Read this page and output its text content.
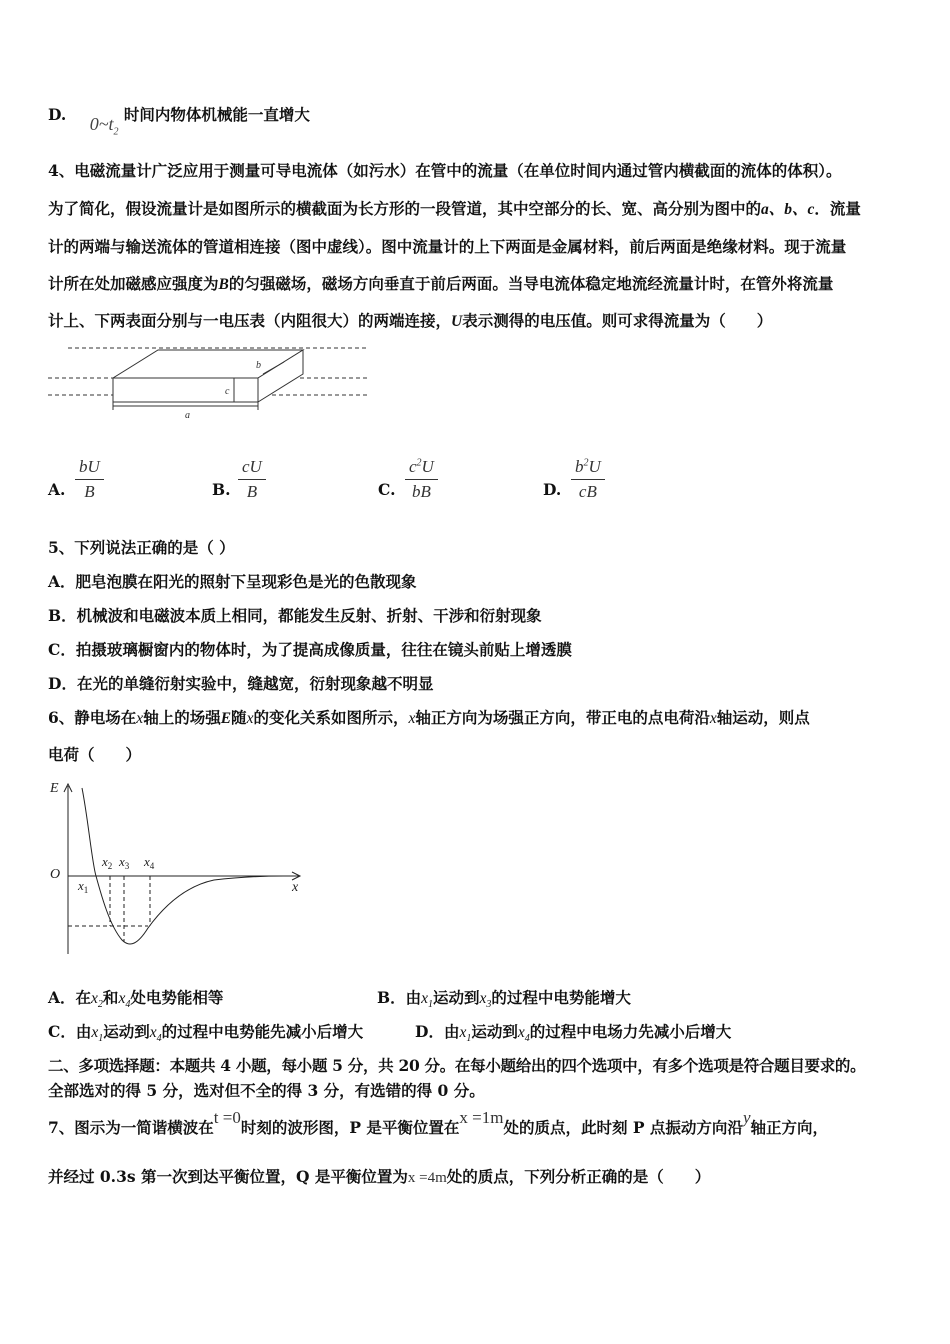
D. $0\sim t_2$ 时间内物体机械能一直增大
4、电磁流量计广泛应用于测量可导电流体（如污水）在管中的流量（在单位时间内通过管内横截面的流体的体积）。
为了简化，假设流量计是如图所示的横截面为长方形的一段管道，其中空部分的长、宽、高分别为图中的a、b、c．流量
计的两端与输送流体的管道相连接（图中虚线）。图中流量计的上下两面是金属材料，前后两面是绝缘材料。现于流量
计所在处加磁感应强度为B的匀强磁场，磁场方向垂直于前后两面。当导电流体稳定地流经流量计时，在管外将流量
计上、下两表面分别与一电压表（内阻很大）的两端连接，U表示测得的电压值。则可求得流量为（　　）
b
c
a
A.
bU
B	B.
cU
B	C.
$c^2U$
bB	D.
$b^2U$
cB
5、下列说法正确的是（ ）
A．肥皂泡膜在阳光的照射下呈现彩色是光的色散现象
B．机械波和电磁波本质上相同，都能发生反射、折射、干涉和衍射现象
C．拍摄玻璃橱窗内的物体时，为了提高成像质量，往往在镜头前贴上增透膜
D．在光的单缝衍射实验中，缝越宽，衍射现象越不明显
6、静电场在x轴上的场强E随x的变化关系如图所示，x轴正方向为场强正方向，带正电的点电荷沿x轴运动，则点
电荷（　　）
E
O
x
$x_1$
$x_2$ $x_3$ $x_4$
A．在$x_2$和$x_4$处电势能相等	B．由$x_1$运动到$x_3$的过程中电势能增大
C．由$x_1$运动到$x_4$的过程中电势能先减小后增大	D．由$x_1$运动到$x_4$的过程中电场力先减小后增大
二、多项选择题：本题共 4 小题，每小题 5 分，共 20 分。在每小题给出的四个选项中，有多个选项是符合题目要求的。
全部选对的得 5 分，选对但不全的得 3 分，有选错的得 0 分。
7、图示为一简谐横波在t =0时刻的波形图，P 是平衡位置在x =1m处的质点，此时刻 P 点振动方向沿y轴正方向，
并经过 0.3s 第一次到达平衡位置，Q 是平衡位置为x =4m处的质点，下列分析正确的是（　　）
